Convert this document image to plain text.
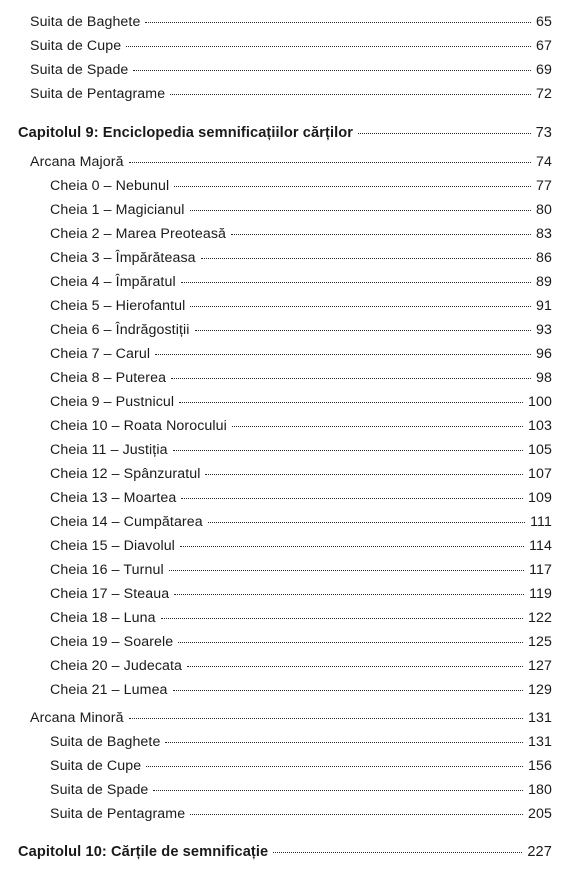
Suita de Baghete	65
Suita de Cupe	67
Suita de Spade	69
Suita de Pentagrame	72
Capitolul 9: Enciclopedia semnificațiilor cărților	73
Arcana Majoră	74
Cheia 0 – Nebunul	77
Cheia 1 – Magicianul	80
Cheia 2 – Marea Preoteasă	83
Cheia 3 – Împărăteasa	86
Cheia 4 – Împăratul	89
Cheia 5 – Hierofantul	91
Cheia 6 – Îndrăgostiții	93
Cheia 7 – Carul	96
Cheia 8 – Puterea	98
Cheia 9 – Pustnicul	100
Cheia 10 – Roata Norocului	103
Cheia 11 – Justiția	105
Cheia 12 – Spânzuratul	107
Cheia 13 – Moartea	109
Cheia 14 – Cumpătarea	111
Cheia 15 – Diavolul	114
Cheia 16 – Turnul	117
Cheia 17 – Steaua	119
Cheia 18 – Luna	122
Cheia 19 – Soarele	125
Cheia 20 – Judecata	127
Cheia 21 – Lumea	129
Arcana Minoră	131
Suita de Baghete	131
Suita de Cupe	156
Suita de Spade	180
Suita de Pentagrame	205
Capitolul 10: Cărțile de semnificație	227
